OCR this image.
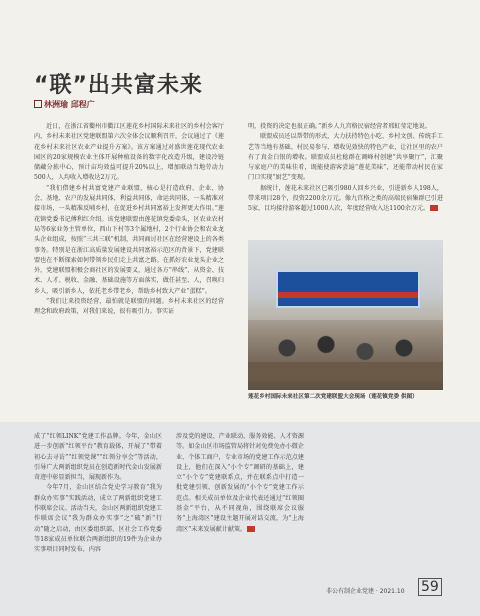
“联”出共富未来
林洲瑜 邱程广

近日，在浙江省衢州市衢江区莲花乡村国际未来社区的乡村会客厅内，乡村未来社区党建联盟第六次全体会议顺利召开，会议通过了《莲花乡村未来社区农业产业提升方案》。该方案通过对盛世莲花现代农业园区的20家规模农业主体开展种植设备的数字化改造升级，建设冷链储藏分拣中心，预计亩均效益可提升20%以上，增加联动当地劳动力500人，人均收入增收达2万元。

“我们借建乡村共富党建产业联盟，核心是打造政府、企业、协会、基地、农户的发展共同体，利益共同体，命运共同体，一头精准对接市场，一头精准反哺乡村，在促进乡村共同富裕上发挥更大作用。”莲花镇党委书记傅利红介绍。该党建联盟由莲花镇党委牵头，区农业农村局等6家业务主管单位，西山下村等3个属地村，2个行业协会和农业龙头企业组成，按照“三共三联”机制，共同商讨社区在经营建设上的各类事务。特别是在浙江高质量发展建设共同富裕示范区的背景下，党建联盟也在不断探索如何带领乡民们走上共富之路。在抓好农业龙头企业之外，党建联盟积极会商社区的发展要义，通过各方“串线”，从资金、技术、人才、税收、金融、基础设施等方面落实，做任甚至、人，召唤归乡人，吸引新乡人，依托老乡带老乡，帮助乡村致大产业“蛋糕”。

“我们让来投资经营，最怕就是联盟的问题。乡村未来社区的经营理念和政府政策，对我们来说，很有吸引力。事实证

明，投资的决定也很正确。”新乡人九宫格民宿经营者邢虹莹定地说。

联盟成员还以帮带的形式，大力扶持特色小吃、乡村文创、传统手工艺等当地有基础、村民易参与、增收见效快的特色产业，让社区里的农户有了真金白银的增收。联盟成员杜稔群在调峰村创建“共享聚厅”，汇聚与家庭户的美味佳肴，既能使游客尝遍“莲花美味”，还能带动村民在家门口实现“厨艺”变现。

据统计，莲花未来社区已吸引980人回乡兴业，引进新乡人198人，带来项目28个，投资2200余万元。像九宫格之类的高端民宿集群已引进5家，目均接待游客超过1000人次，年度经营收入达1100余万元。

莲花乡村国际未来社区第二次党建联盟大会现场（莲花镇党委 供图）

成了“红领LINK”党建工作品牌。今年，金山区进一步创新“红领平台”教育载体，开展了“带着初心去寻访”“红领党课”“红领分享会”等活动，引导广大两新组织党员在创造新时代金山发展新奇迹中彰显新担当，展现新作为。

今年7月，金山区结合党史学习教育“我为群众办实事”实践活动，成立了两新组织党建工作联席会议。活动当天，金山区两新组织党建工作联席会议“我为群众办实事”之“破”新“行动”随之启动，由区委组织部、区社会工作党委等18家成员单位联合两新组织的19件为企业办实事项目同时发布，内容

涉及党的建设、产业联动、服务效能、人才资源等。如金山区市场监管局将针对免费免办小微企业、个体工商户，专业市场的党建工作示范点建设上，他们在深入“小个专”调研的基础上，建立“小个专”党建联系点，并在联系点中打造一批党建引领、创新发展的“小个专”党建工作示范点。相关成员单位及企业代表还通过“红领圈基金”平台，从不同视角，围绕联席会议服务“上海湾区”建设主题开展对话交流，为“上海湾区”未来发展献计献策。

非公有制企业党建 · 2021.10 59
